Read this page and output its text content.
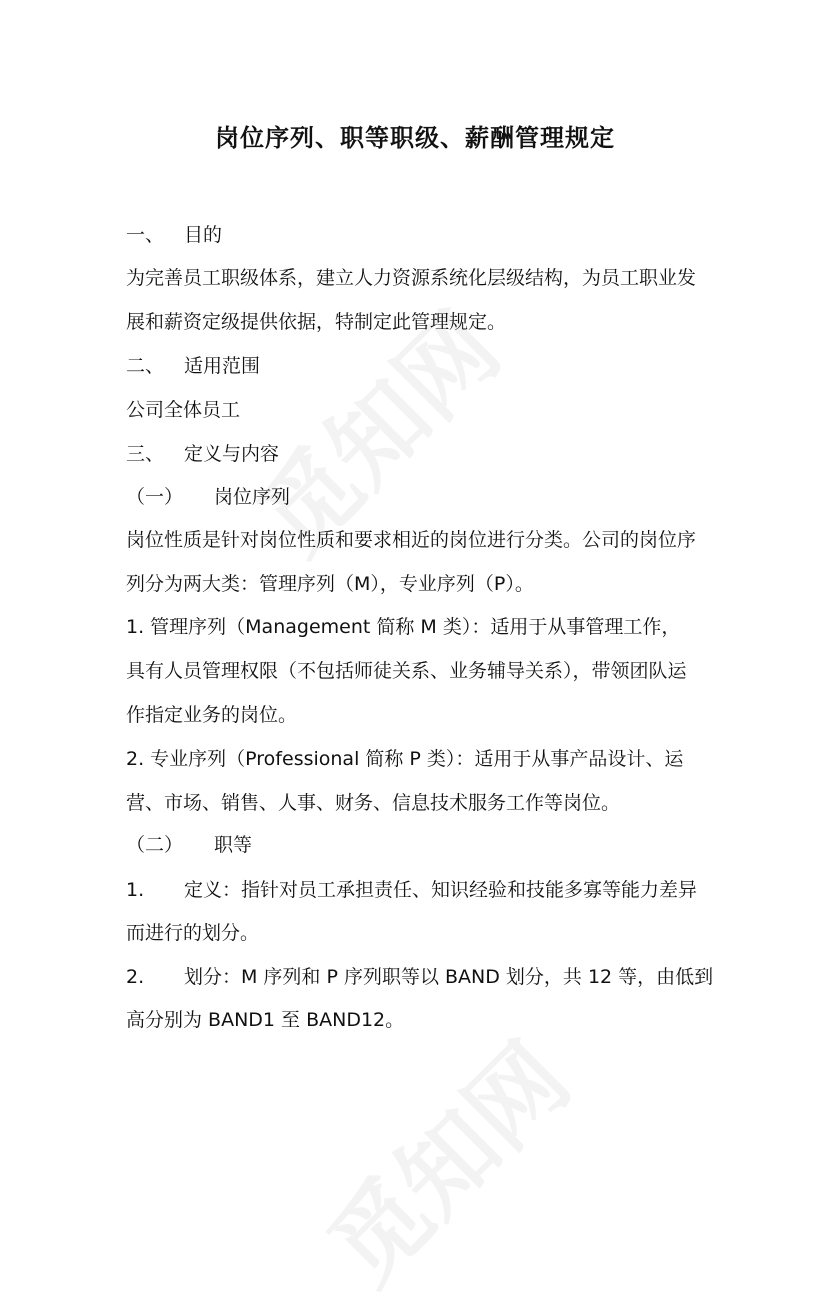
岗位序列、职等职级、薪酬管理规定
一、 目的
为完善员工职级体系，建立人力资源系统化层级结构，为员工职业发
展和薪资定级提供依据，特制定此管理规定。
二、 适用范围
公司全体员工
三、 定义与内容
（一） 岗位序列
岗位性质是针对岗位性质和要求相近的岗位进行分类。公司的岗位序
列分为两大类：管理序列（M），专业序列（P）。
1. 管理序列（Management 简称 M 类）：适用于从事管理工作，
具有人员管理权限（不包括师徒关系、业务辅导关系），带领团队运
作指定业务的岗位。
2. 专业序列（Professional 简称 P 类）：适用于从事产品设计、运
营、市场、销售、人事、财务、信息技术服务工作等岗位。
（二） 职等
1. 定义：指针对员工承担责任、知识经验和技能多寡等能力差异
而进行的划分。
2. 划分：M 序列和 P 序列职等以 BAND 划分，共 12 等，由低到
高分别为 BAND1 至 BAND12。
